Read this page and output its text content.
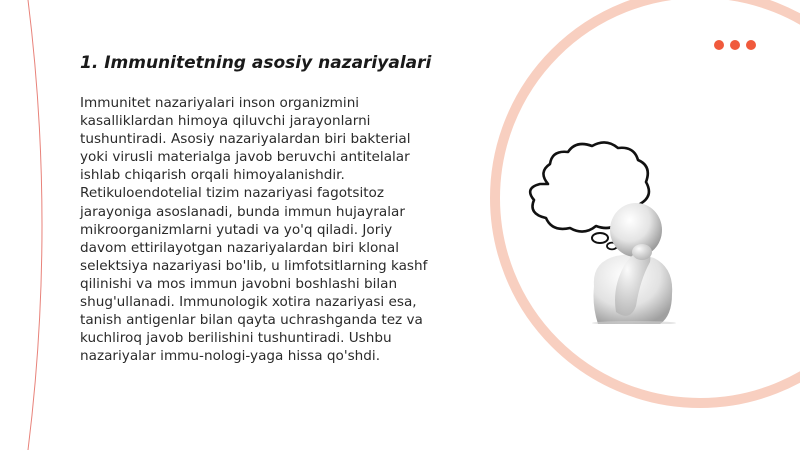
1. Immunitetning asosiy nazariyalari

Immunitet nazariyalari inson organizmini kasalliklardan himoya qiluvchi jarayonlarni tushuntiradi. Asosiy nazariyalardan biri bakterial yoki virusli materialga javob beruvchi antitelalar ishlab chiqarish orqali himoyalanishdir. Retikuloendotelial tizim nazariyasi fagotsitoz jarayoniga asoslanadi, bunda immun hujayralar mikroorganizmlarni yutadi va yo'q qiladi. Joriy davom ettirilayotgan nazariyalardan biri klonal selektsiya nazariyasi bo'lib, u limfotsitlarning kashf qilinishi va mos immun javobni boshlashi bilan shug'ullanadi. Immunologik xotira nazariyasi esa, tanish antigenlar bilan qayta uchrashganda tez va kuchliroq javob berilishini tushuntiradi. Ushbu nazariyalar immu-nologi-yaga hissa qo'shdi.
